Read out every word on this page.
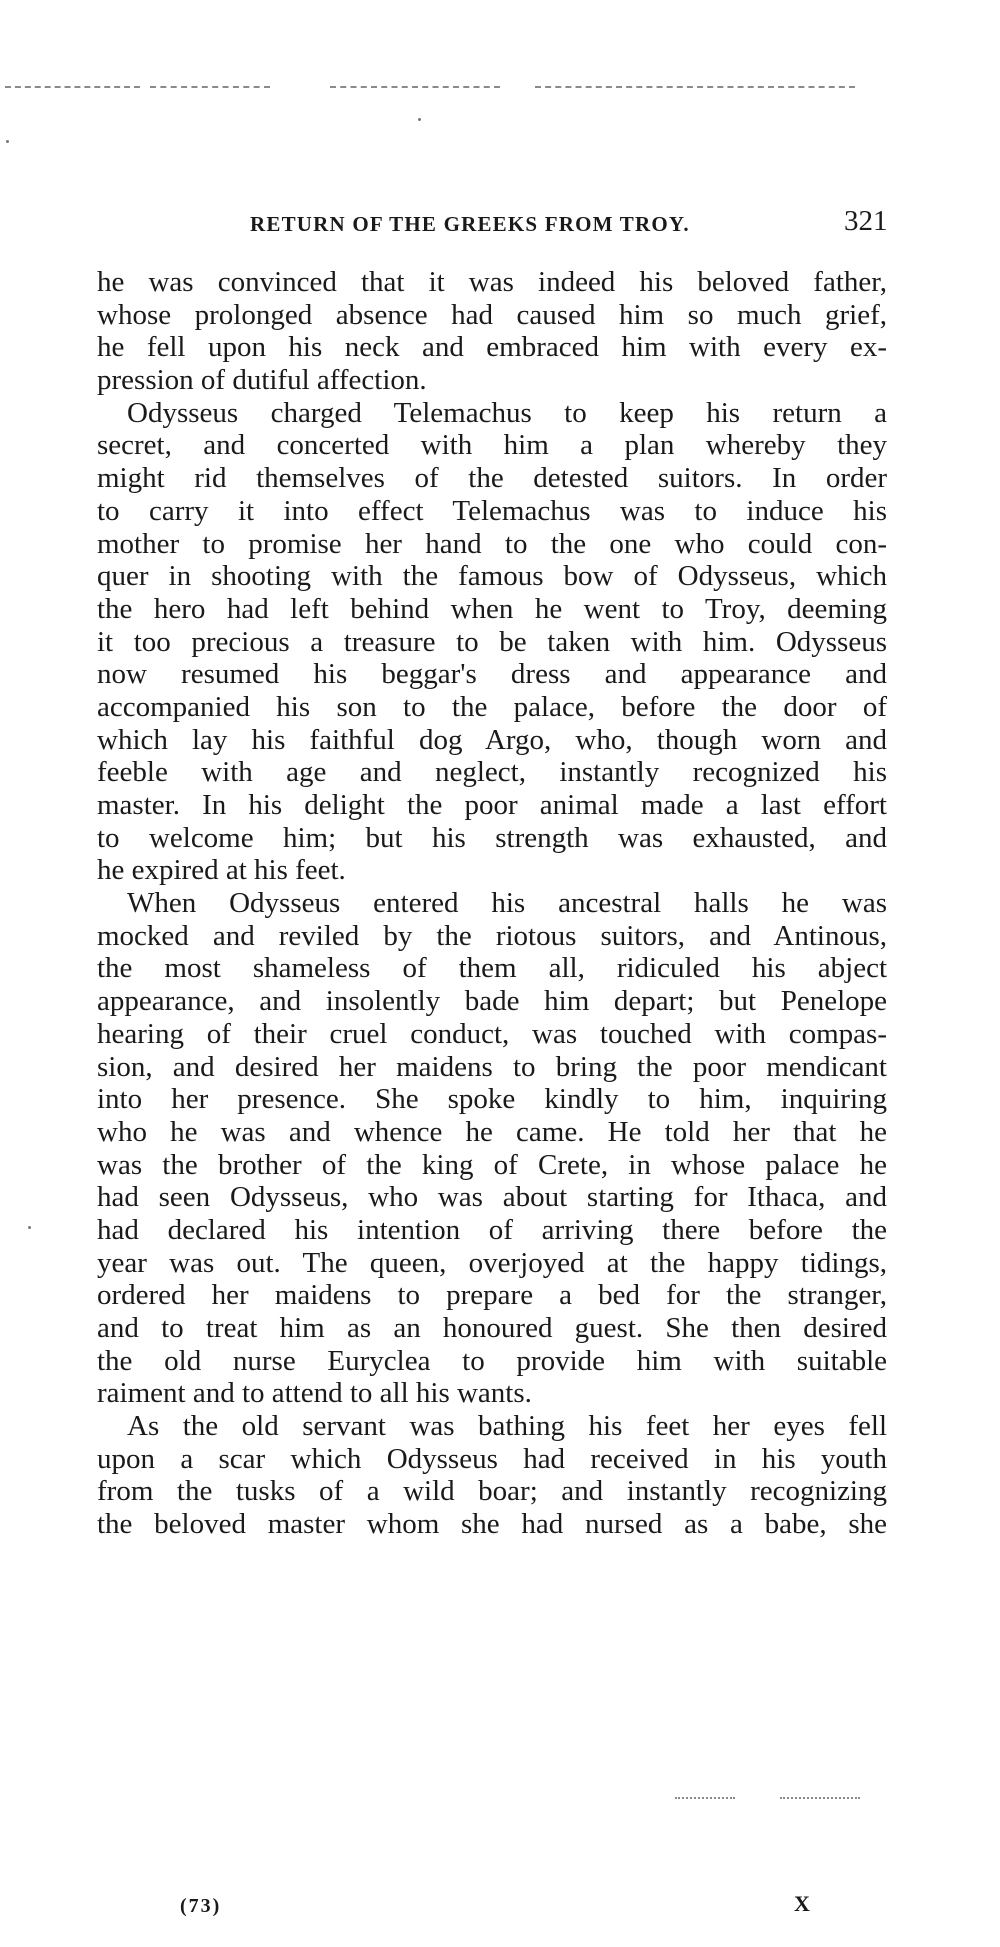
RETURN OF THE GREEKS FROM TROY.	321
he was convinced that it was indeed his beloved father,
whose prolonged absence had caused him so much grief,
he fell upon his neck and embraced him with every ex-
pression of dutiful affection.
Odysseus charged Telemachus to keep his return a
secret, and concerted with him a plan whereby they
might rid themselves of the detested suitors. In order
to carry it into effect Telemachus was to induce his
mother to promise her hand to the one who could con-
quer in shooting with the famous bow of Odysseus, which
the hero had left behind when he went to Troy, deeming
it too precious a treasure to be taken with him. Odysseus
now resumed his beggar's dress and appearance and
accompanied his son to the palace, before the door of
which lay his faithful dog Argo, who, though worn and
feeble with age and neglect, instantly recognized his
master. In his delight the poor animal made a last effort
to welcome him; but his strength was exhausted, and
he expired at his feet.
When Odysseus entered his ancestral halls he was
mocked and reviled by the riotous suitors, and Antinous,
the most shameless of them all, ridiculed his abject
appearance, and insolently bade him depart; but Penelope
hearing of their cruel conduct, was touched with compas-
sion, and desired her maidens to bring the poor mendicant
into her presence. She spoke kindly to him, inquiring
who he was and whence he came. He told her that he
was the brother of the king of Crete, in whose palace he
had seen Odysseus, who was about starting for Ithaca, and
had declared his intention of arriving there before the
year was out. The queen, overjoyed at the happy tidings,
ordered her maidens to prepare a bed for the stranger,
and to treat him as an honoured guest. She then desired
the old nurse Euryclea to provide him with suitable
raiment and to attend to all his wants.
As the old servant was bathing his feet her eyes fell
upon a scar which Odysseus had received in his youth
from the tusks of a wild boar; and instantly recognizing
the beloved master whom she had nursed as a babe, she
(73)	X
